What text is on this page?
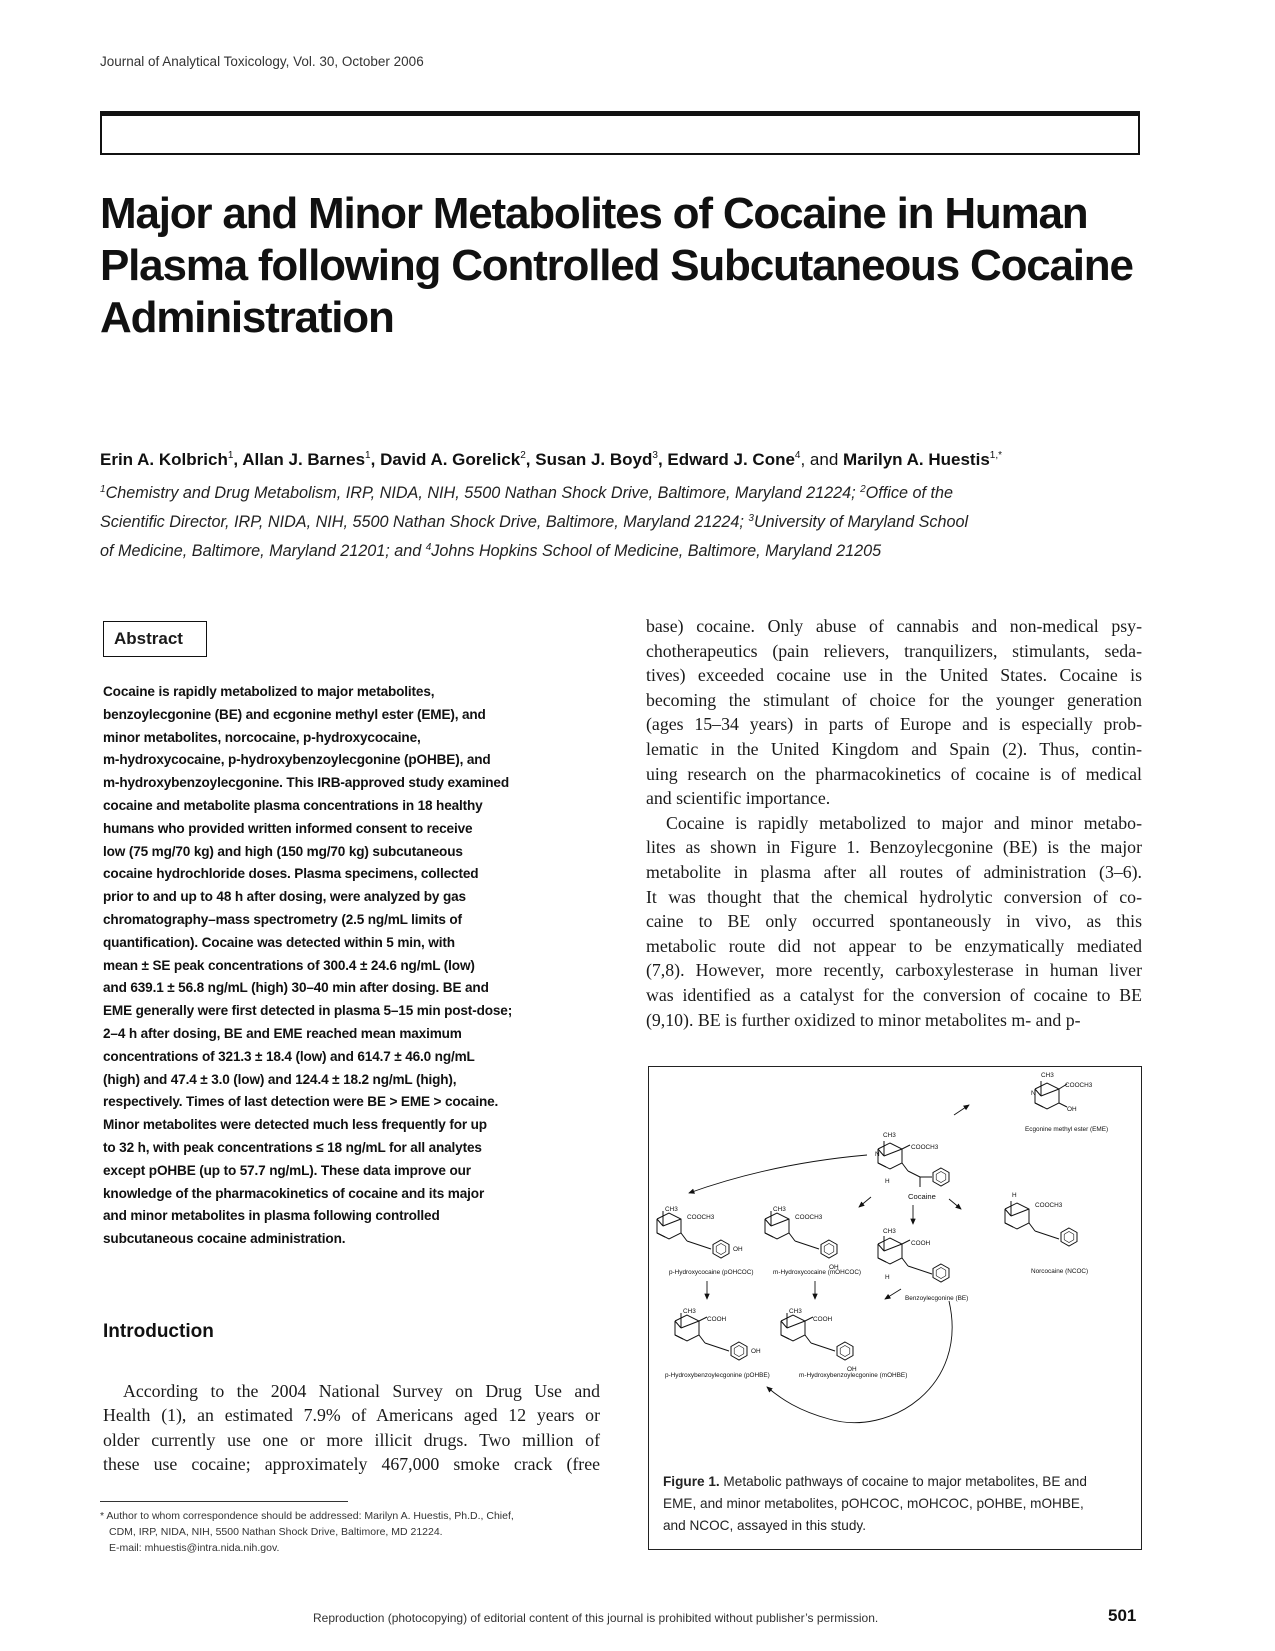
Journal of Analytical Toxicology, Vol. 30, October 2006
Major and Minor Metabolites of Cocaine in Human
Plasma following Controlled Subcutaneous Cocaine
Administration
Erin A. Kolbrich$^1$, Allan J. Barnes$^1$, David A. Gorelick$^2$, Susan J. Boyd$^3$, Edward J. Cone$^4$, and Marilyn A. Huestis$^{1,*}$
$^1$Chemistry and Drug Metabolism, IRP, NIDA, NIH, 5500 Nathan Shock Drive, Baltimore, Maryland 21224; $^2$Office of the
Scientific Director, IRP, NIDA, NIH, 5500 Nathan Shock Drive, Baltimore, Maryland 21224; $^3$University of Maryland School
of Medicine, Baltimore, Maryland 21201; and $^4$Johns Hopkins School of Medicine, Baltimore, Maryland 21205
Abstract
Cocaine is rapidly metabolized to major metabolites,
benzoylecgonine (BE) and ecgonine methyl ester (EME), and
minor metabolites, norcocaine, p-hydroxycocaine,
m-hydroxycocaine, p-hydroxybenzoylecgonine (pOHBE), and
m-hydroxybenzoylecgonine. This IRB-approved study examined
cocaine and metabolite plasma concentrations in 18 healthy
humans who provided written informed consent to receive
low (75 mg/70 kg) and high (150 mg/70 kg) subcutaneous
cocaine hydrochloride doses. Plasma specimens, collected
prior to and up to 48 h after dosing, were analyzed by gas
chromatography–mass spectrometry (2.5 ng/mL limits of
quantification). Cocaine was detected within 5 min, with
mean ± SE peak concentrations of 300.4 ± 24.6 ng/mL (low)
and 639.1 ± 56.8 ng/mL (high) 30–40 min after dosing. BE and
EME generally were first detected in plasma 5–15 min post-dose;
2–4 h after dosing, BE and EME reached mean maximum
concentrations of 321.3 ± 18.4 (low) and 614.7 ± 46.0 ng/mL
(high) and 47.4 ± 3.0 (low) and 124.4 ± 18.2 ng/mL (high),
respectively. Times of last detection were BE > EME > cocaine.
Minor metabolites were detected much less frequently for up
to 32 h, with peak concentrations ≤ 18 ng/mL for all analytes
except pOHBE (up to 57.7 ng/mL). These data improve our
knowledge of the pharmacokinetics of cocaine and its major
and minor metabolites in plasma following controlled
subcutaneous cocaine administration.
Introduction
According to the 2004 National Survey on Drug Use and
Health (1), an estimated 7.9% of Americans aged 12 years or
older currently use one or more illicit drugs. Two million of
these use cocaine; approximately 467,000 smoke crack (free
* Author to whom correspondence should be addressed: Marilyn A. Huestis, Ph.D., Chief,
CDM, IRP, NIDA, NIH, 5500 Nathan Shock Drive, Baltimore, MD 21224.
E-mail: mhuestis@intra.nida.nih.gov.
base) cocaine. Only abuse of cannabis and non-medical psy-
chotherapeutics (pain relievers, tranquilizers, stimulants, seda-
tives) exceeded cocaine use in the United States. Cocaine is
becoming the stimulant of choice for the younger generation
(ages 15–34 years) in parts of Europe and is especially prob-
lematic in the United Kingdom and Spain (2). Thus, contin-
uing research on the pharmacokinetics of cocaine is of medical
and scientific importance.
Cocaine is rapidly metabolized to major and minor metabo-
lites as shown in Figure 1. Benzoylecgonine (BE) is the major
metabolite in plasma after all routes of administration (3–6).
It was thought that the chemical hydrolytic conversion of co-
caine to BE only occurred spontaneously in vivo, as this
metabolic route did not appear to be enzymatically mediated
(7,8). However, more recently, carboxylesterase in human liver
was identified as a catalyst for the conversion of cocaine to BE
(9,10). BE is further oxidized to minor metabolites m- and p-
CH3
COOCH3
OH
N
Ecgonine methyl ester (EME)
CH3
COOCH3
N
H
Cocaine
CH3
COOCH3
OH
p-Hydroxycocaine (pOHCOC)
CH3
COOCH3
OH
m-Hydroxycocaine (mOHCOC)
H
COOCH3
Norcocaine (NCOC)
CH3
COOH
H
Benzoylecgonine (BE)
CH3
COOH
OH
p-Hydroxybenzoylecgonine (pOHBE)
CH3
COOH
OH
m-Hydroxybenzoylecgonine (mOHBE)
Figure 1. Metabolic pathways of cocaine to major metabolites, BE and
EME, and minor metabolites, pOHCOC, mOHCOC, pOHBE, mOHBE,
and NCOC, assayed in this study.
Reproduction (photocopying) of editorial content of this journal is prohibited without publisher’s permission.	501
